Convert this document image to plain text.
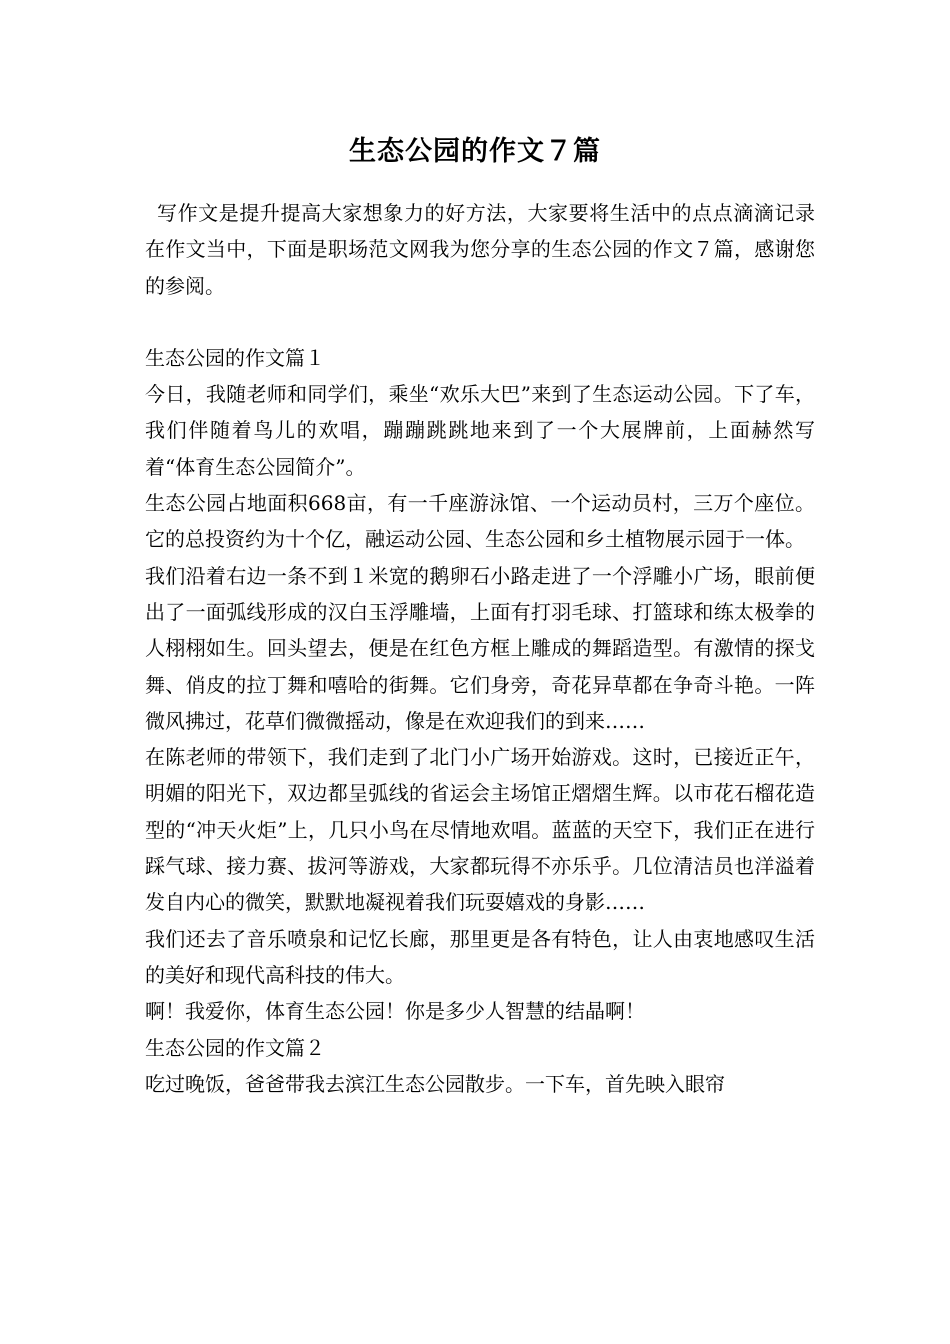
生态公园的作文７篇

写作文是提升提高大家想象力的好方法，大家要将生活中的点点滴滴记录在作文当中，下面是职场范文网我为您分享的生态公园的作文７篇，感谢您的参阅。

生态公园的作文篇１

今日，我随老师和同学们，乘坐“欢乐大巴”来到了生态运动公园。下了车，我们伴随着鸟儿的欢唱，蹦蹦跳跳地来到了一个大展牌前，上面赫然写着“体育生态公园简介”。

生态公园占地面积668亩，有一千座游泳馆、一个运动员村，三万个座位。它的总投资约为十个亿，融运动公园、生态公园和乡土植物展示园于一体。

我们沿着右边一条不到１米宽的鹅卵石小路走进了一个浮雕小广场，眼前便出了一面弧线形成的汉白玉浮雕墙，上面有打羽毛球、打篮球和练太极拳的人栩栩如生。回头望去，便是在红色方框上雕成的舞蹈造型。有激情的探戈舞、俏皮的拉丁舞和嘻哈的街舞。它们身旁，奇花异草都在争奇斗艳。一阵微风拂过，花草们微微摇动，像是在欢迎我们的到来……

在陈老师的带领下，我们走到了北门小广场开始游戏。这时，已接近正午，明媚的阳光下，双边都呈弧线的省运会主场馆正熠熠生辉。以市花石榴花造型的“冲天火炬”上，几只小鸟在尽情地欢唱。蓝蓝的天空下，我们正在进行踩气球、接力赛、拔河等游戏，大家都玩得不亦乐乎。几位清洁员也洋溢着发自内心的微笑，默默地凝视着我们玩耍嬉戏的身影……

我们还去了音乐喷泉和记忆长廊，那里更是各有特色，让人由衷地感叹生活的美好和现代高科技的伟大。

啊！我爱你，体育生态公园！你是多少人智慧的结晶啊！

生态公园的作文篇２

吃过晚饭，爸爸带我去滨江生态公园散步。一下车，首先映入眼帘
